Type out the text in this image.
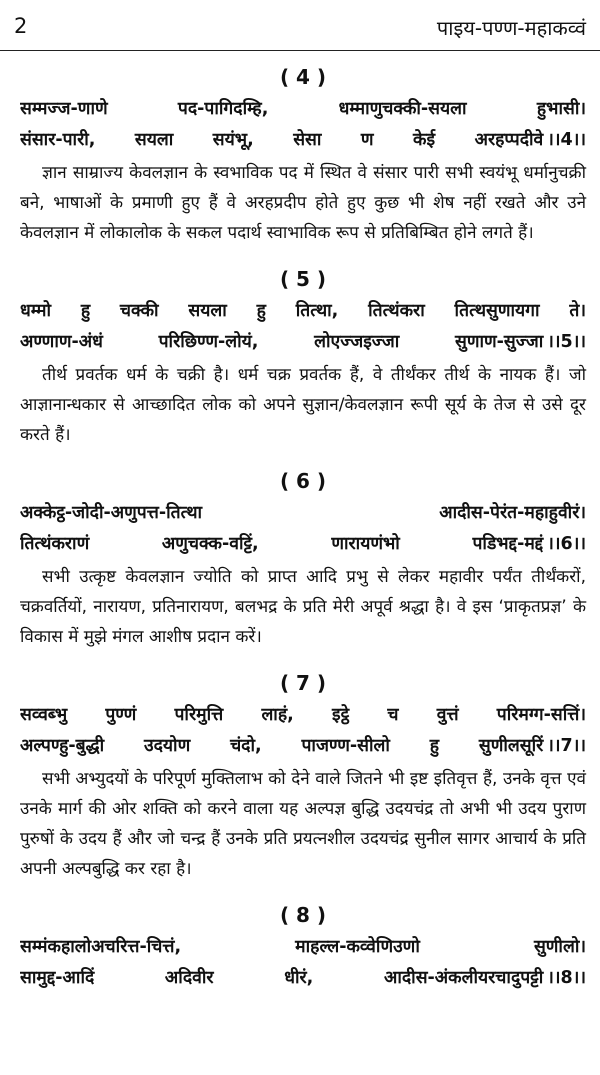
2	पाइय-पण्ण-महाकव्वं
( 4 )
सम्मज्ज-णाणे पद-पागिदम्हि, धम्माणुचक्की-सयला हुभासी।
संसार-पारी, सयला सयंभू, सेसा ण केई अरहप्पदीवे ।।4।।
ज्ञान साम्राज्य केवलज्ञान के स्वभाविक पद में स्थित वे संसार पारी सभी स्वयंभू धर्मानुचक्री बने, भाषाओं के प्रमाणी हुए हैं वे अरहप्रदीप होते हुए कुछ भी शेष नहीं रखते और उने केवलज्ञान में लोकालोक के सकल पदार्थ स्वाभाविक रूप से प्रतिबिम्बित होने लगते हैं।
( 5 )
धम्मो हु चक्की सयला हु तित्था, तित्थंकरा तित्थसुणायगा ते।
अण्णाण-अंधं परिछिण्ण-लोयं, लोएज्जइज्जा सुणाण-सुज्जा ।।5।।
तीर्थ प्रवर्तक धर्म के चक्री है। धर्म चक्र प्रवर्तक हैं, वे तीर्थंकर तीर्थ के नायक हैं। जो आज्ञानान्धकार से आच्छादित लोक को अपने सुज्ञान/केवलज्ञान रूपी सूर्य के तेज से उसे दूर करते हैं।
( 6 )
अक्केट्ठ-जोदी-अणुपत्त-तित्था आदीस-पेरंत-महाहुवीरं।
तित्थंकराणं अणुचक्क-वट्टिं, णारायणंभो पडिभद्द-मद्दं ।।6।।
सभी उत्कृष्ट केवलज्ञान ज्योति को प्राप्त आदि प्रभु से लेकर महावीर पर्यंत तीर्थंकरों, चक्रवर्तियों, नारायण, प्रतिनारायण, बलभद्र के प्रति मेरी अपूर्व श्रद्धा है। वे इस ‘प्राकृतप्रज्ञ’ के विकास में मुझे मंगल आशीष प्रदान करें।
( 7 )
सव्वब्भु पुण्णं परिमुत्ति लाहं, इट्ठे च वुत्तं परिमग्ग-सत्तिं।
अल्पण्हु-बुद्धी उदयोण चंदो, पाजण्ण-सीलो हु सुणीलसूरिं ।।7।।
सभी अभ्युदयों के परिपूर्ण मुक्तिलाभ को देने वाले जितने भी इष्ट इतिवृत्त हैं, उनके वृत्त एवं उनके मार्ग की ओर शक्ति को करने वाला यह अल्पज्ञ बुद्धि उदयचंद्र तो अभी भी उदय पुराण पुरुषों के उदय हैं और जो चन्द्र हैं उनके प्रति प्रयत्नशील उदयचंद्र सुनील सागर आचार्य के प्रति अपनी अल्पबुद्धि कर रहा है।
( 8 )
सम्मंकहालोअचरित्त-चित्तं, माहल्ल-कव्वेणिउणो सुणीलो।
सामुद्द-आदिं अदिवीर धीरं, आदीस-अंकलीयरचादुपट्टी ।।8।।
